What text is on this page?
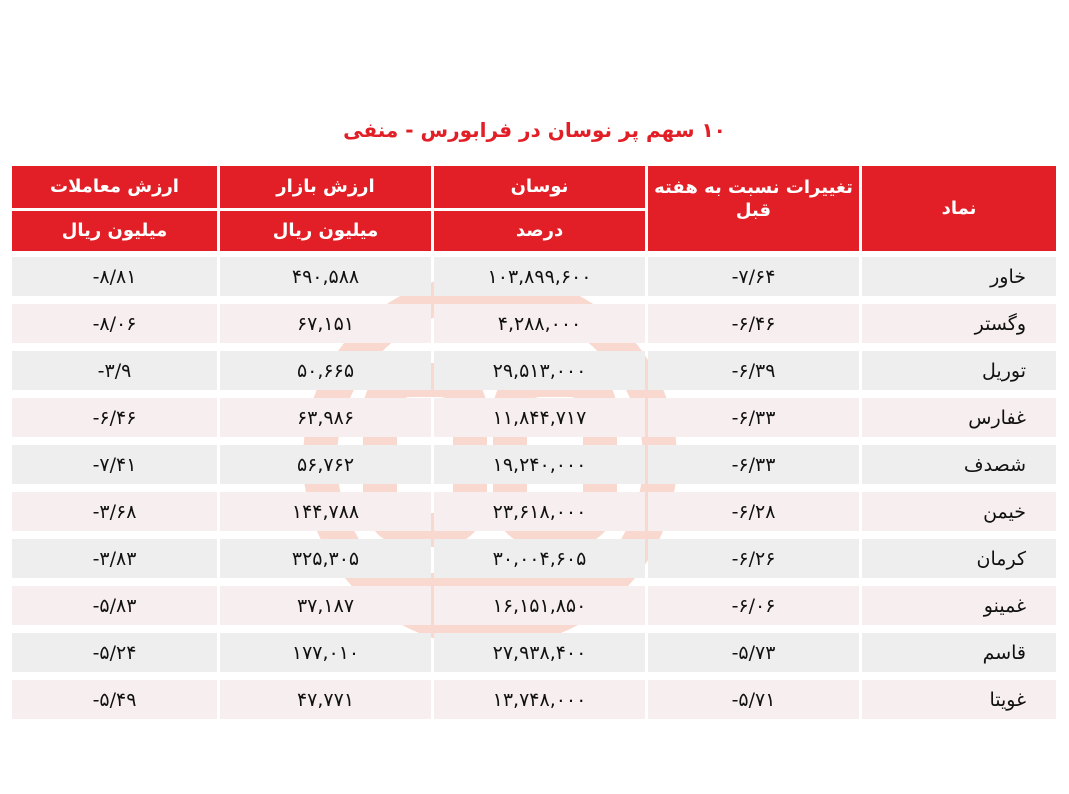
۱۰ سهم پر نوسان در فرابورس - منفی
نماد
نوسان
ارزش بازار
ارزش معاملات	تغییرات نسبت به هفته قبل
درصد
میلیون ریال
میلیون ریال
خاور
-۷/۶۴
۱۰۳,۸۹۹,۶۰۰
۴۹۰,۵۸۸
-۸/۸۱
وگستر
-۶/۴۶
۴,۲۸۸,۰۰۰
۶۷,۱۵۱
-۸/۰۶
توریل
-۶/۳۹
۲۹,۵۱۳,۰۰۰
۵۰,۶۶۵
-۳/۹
غفارس
-۶/۳۳
۱۱,۸۴۴,۷۱۷
۶۳,۹۸۶
-۶/۴۶
شصدف
-۶/۳۳
۱۹,۲۴۰,۰۰۰
۵۶,۷۶۲
-۷/۴۱
خیمن
-۶/۲۸
۲۳,۶۱۸,۰۰۰
۱۴۴,۷۸۸
-۳/۶۸
کرمان
-۶/۲۶
۳۰,۰۰۴,۶۰۵
۳۲۵,۳۰۵
-۳/۸۳
غمینو
-۶/۰۶
۱۶,۱۵۱,۸۵۰
۳۷,۱۸۷
-۵/۸۳
قاسم
-۵/۷۳
۲۷,۹۳۸,۴۰۰
۱۷۷,۰۱۰
-۵/۲۴
غویتا
-۵/۷۱
۱۳,۷۴۸,۰۰۰
۴۷,۷۷۱
-۵/۴۹
